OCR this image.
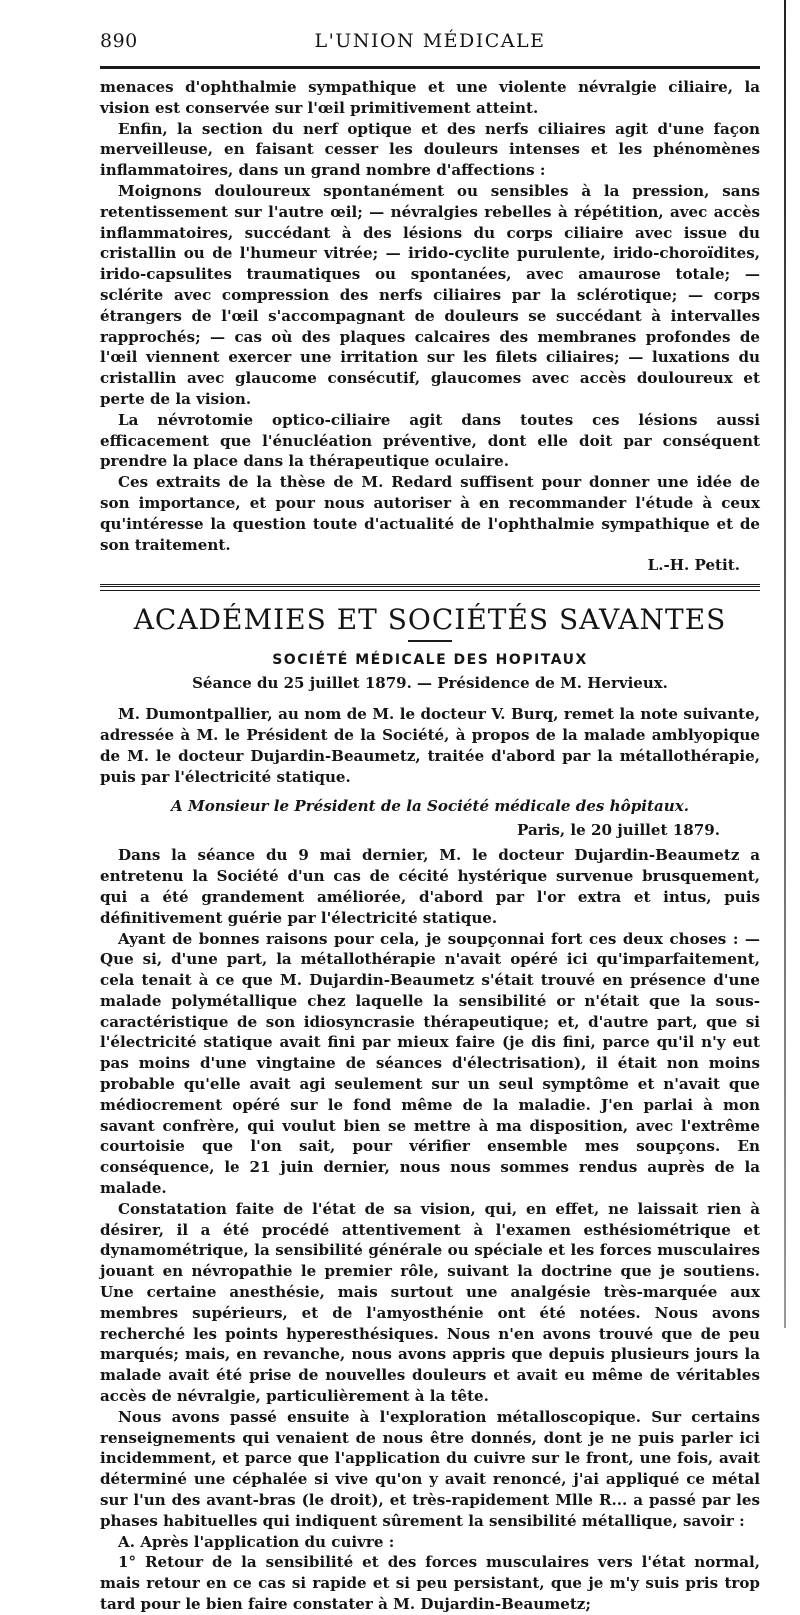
890	L'UNION MÉDICALE

menaces d'ophthalmie sympathique et une violente névralgie ciliaire, la vision est conservée sur l'œil primitivement atteint.

Enfin, la section du nerf optique et des nerfs ciliaires agit d'une façon merveilleuse, en faisant cesser les douleurs intenses et les phénomènes inflammatoires, dans un grand nombre d'affections :

Moignons douloureux spontanément ou sensibles à la pression, sans retentissement sur l'autre œil; — névralgies rebelles à répétition, avec accès inflammatoires, succédant à des lésions du corps ciliaire avec issue du cristallin ou de l'humeur vitrée; — irido-cyclite purulente, irido-choroïdites, irido-capsulites traumatiques ou spontanées, avec amaurose totale; — sclérite avec compression des nerfs ciliaires par la sclérotique; — corps étrangers de l'œil s'accompagnant de douleurs se succédant à intervalles rapprochés; — cas où des plaques calcaires des membranes profondes de l'œil viennent exercer une irritation sur les filets ciliaires; — luxations du cristallin avec glaucome consécutif, glaucomes avec accès douloureux et perte de la vision.

La névrotomie optico-ciliaire agit dans toutes ces lésions aussi efficacement que l'énucléation préventive, dont elle doit par conséquent prendre la place dans la thérapeutique oculaire.

Ces extraits de la thèse de M. Redard suffisent pour donner une idée de son importance, et pour nous autoriser à en recommander l'étude à ceux qu'intéresse la question toute d'actualité de l'ophthalmie sympathique et de son traitement.

L.-H. Petit.

ACADÉMIES ET SOCIÉTÉS SAVANTES
SOCIÉTÉ MÉDICALE DES HOPITAUX
Séance du 25 juillet 1879. — Présidence de M. Hervieux.

M. Dumontpallier, au nom de M. le docteur V. Burq, remet la note suivante, adressée à M. le Président de la Société, à propos de la malade amblyopique de M. le docteur Dujardin-Beaumetz, traitée d'abord par la métallothérapie, puis par l'électricité statique.

A Monsieur le Président de la Société médicale des hôpitaux.
Paris, le 20 juillet 1879.

Dans la séance du 9 mai dernier, M. le docteur Dujardin-Beaumetz a entretenu la Société d'un cas de cécité hystérique survenue brusquement, qui a été grandement améliorée, d'abord par l'or extra et intus, puis définitivement guérie par l'électricité statique.

Ayant de bonnes raisons pour cela, je soupçonnai fort ces deux choses : — Que si, d'une part, la métallothérapie n'avait opéré ici qu'imparfaitement, cela tenait à ce que M. Dujardin-Beaumetz s'était trouvé en présence d'une malade polymétallique chez laquelle la sensibilité or n'était que la sous-caractéristique de son idiosyncrasie thérapeutique; et, d'autre part, que si l'électricité statique avait fini par mieux faire (je dis fini, parce qu'il n'y eut pas moins d'une vingtaine de séances d'électrisation), il était non moins probable qu'elle avait agi seulement sur un seul symptôme et n'avait que médiocrement opéré sur le fond même de la maladie. J'en parlai à mon savant confrère, qui voulut bien se mettre à ma disposition, avec l'extrême courtoisie que l'on sait, pour vérifier ensemble mes soupçons. En conséquence, le 21 juin dernier, nous nous sommes rendus auprès de la malade.

Constatation faite de l'état de sa vision, qui, en effet, ne laissait rien à désirer, il a été procédé attentivement à l'examen esthésiométrique et dynamométrique, la sensibilité générale ou spéciale et les forces musculaires jouant en névropathie le premier rôle, suivant la doctrine que je soutiens. Une certaine anesthésie, mais surtout une analgésie très-marquée aux membres supérieurs, et de l'amyosthénie ont été notées. Nous avons recherché les points hyperesthésiques. Nous n'en avons trouvé que de peu marqués; mais, en revanche, nous avons appris que depuis plusieurs jours la malade avait été prise de nouvelles douleurs et avait eu même de véritables accès de névralgie, particulièrement à la tête.

Nous avons passé ensuite à l'exploration métalloscopique. Sur certains renseignements qui venaient de nous être donnés, dont je ne puis parler ici incidemment, et parce que l'application du cuivre sur le front, une fois, avait déterminé une céphalée si vive qu'on y avait renoncé, j'ai appliqué ce métal sur l'un des avant-bras (le droit), et très-rapidement Mlle R... a passé par les phases habituelles qui indiquent sûrement la sensibilité métallique, savoir :

A. Après l'application du cuivre :

1° Retour de la sensibilité et des forces musculaires vers l'état normal, mais retour en ce cas si rapide et si peu persistant, que je m'y suis pris trop tard pour le bien faire constater à M. Dujardin-Beaumetz;
